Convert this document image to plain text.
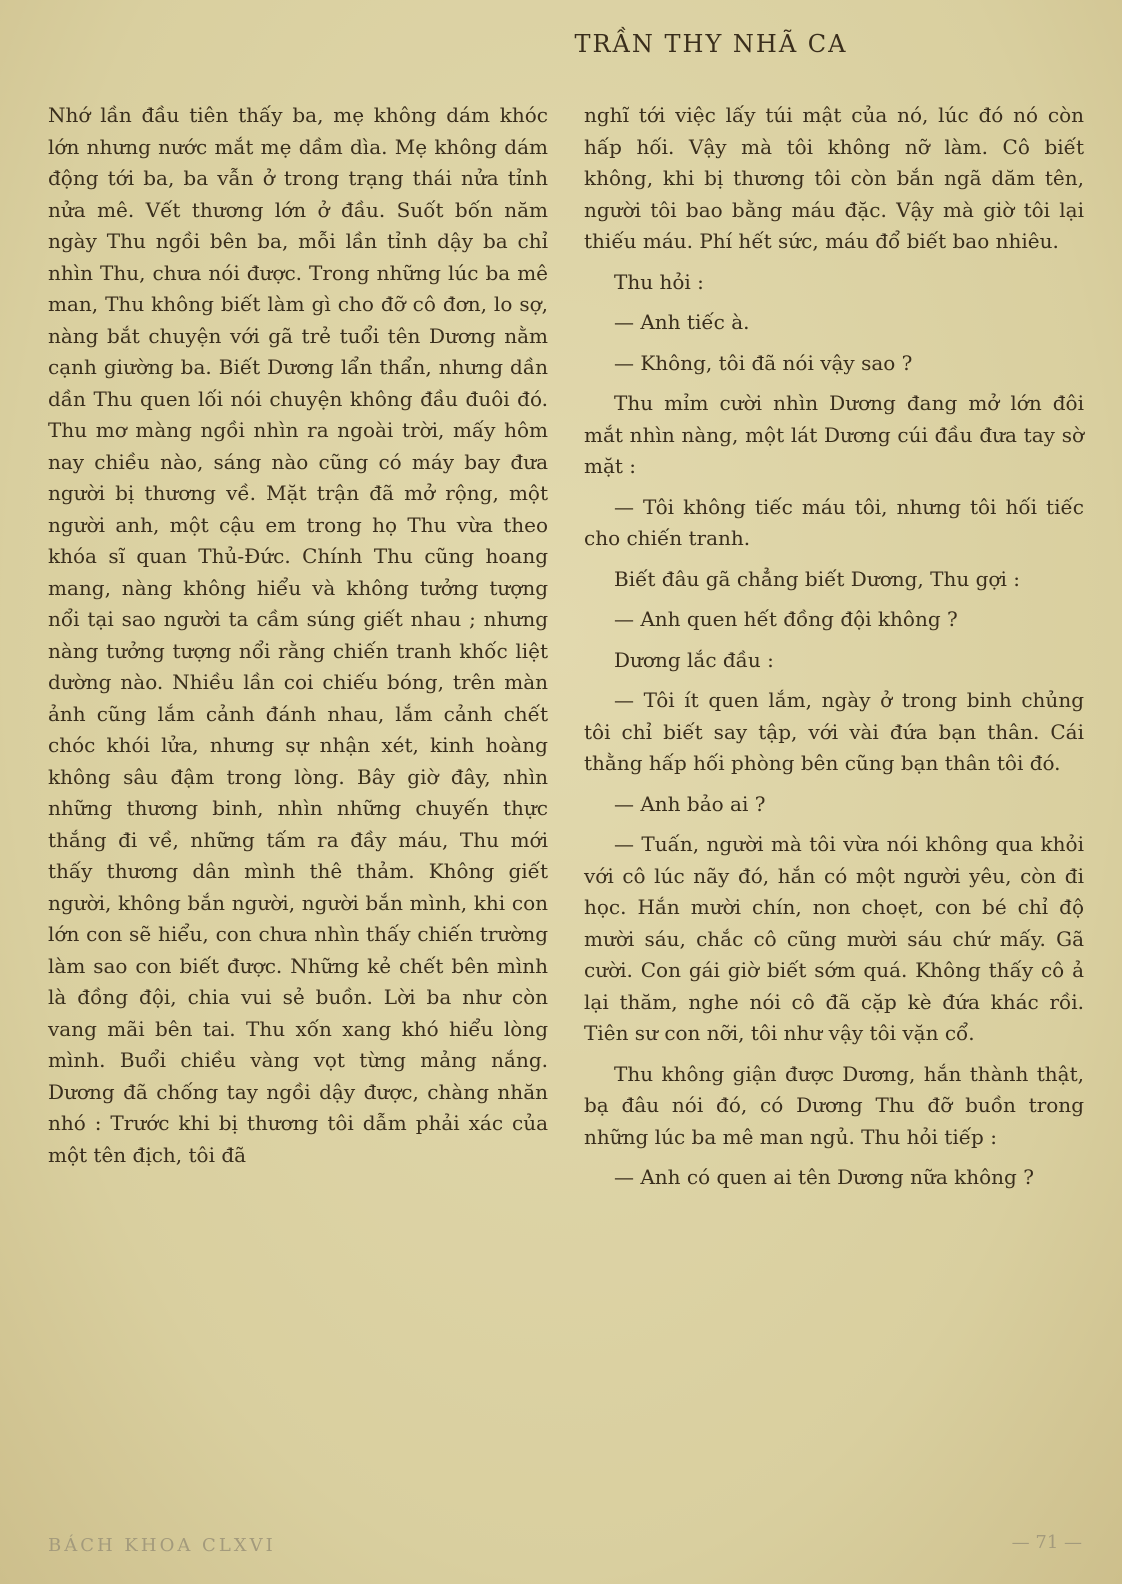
TRẦN THY NHÃ CA

Nhớ lần đầu tiên thấy ba, mẹ không dám khóc lớn nhưng nước mắt mẹ dầm dìa. Mẹ không dám động tới ba, ba vẫn ở trong trạng thái nửa tỉnh nửa mê. Vết thương lớn ở đầu. Suốt bốn năm ngày Thu ngồi bên ba, mỗi lần tỉnh dậy ba chỉ nhìn Thu, chưa nói được. Trong những lúc ba mê man, Thu không biết làm gì cho đỡ cô đơn, lo sợ, nàng bắt chuyện với gã trẻ tuổi tên Dương nằm cạnh giường ba. Biết Dương lẩn thẩn, nhưng dần dần Thu quen lối nói chuyện không đầu đuôi đó. Thu mơ màng ngồi nhìn ra ngoài trời, mấy hôm nay chiều nào, sáng nào cũng có máy bay đưa người bị thương về. Mặt trận đã mở rộng, một người anh, một cậu em trong họ Thu vừa theo khóa sĩ quan Thủ-Đức. Chính Thu cũng hoang mang, nàng không hiểu và không tưởng tượng nổi tại sao người ta cầm súng giết nhau ; nhưng nàng tưởng tượng nổi rằng chiến tranh khốc liệt dường nào. Nhiều lần coi chiếu bóng, trên màn ảnh cũng lắm cảnh đánh nhau, lắm cảnh chết chóc khói lửa, nhưng sự nhận xét, kinh hoàng không sâu đậm trong lòng. Bây giờ đây, nhìn những thương binh, nhìn những chuyến thực thắng đi về, những tấm ra đầy máu, Thu mới thấy thương dân mình thê thảm. Không giết người, không bắn người, người bắn mình, khi con lớn con sẽ hiểu, con chưa nhìn thấy chiến trường làm sao con biết được. Những kẻ chết bên mình là đồng đội, chia vui sẻ buồn. Lời ba như còn vang mãi bên tai. Thu xốn xang khó hiểu lòng mình. Buổi chiều vàng vọt từng mảng nắng. Dương đã chống tay ngồi dậy được, chàng nhăn nhó : Trước khi bị thương tôi dẫm phải xác của một tên địch, tôi đã

nghĩ tới việc lấy túi mật của nó, lúc đó nó còn hấp hối. Vậy mà tôi không nỡ làm. Cô biết không, khi bị thương tôi còn bắn ngã dăm tên, người tôi bao bằng máu đặc. Vậy mà giờ tôi lại thiếu máu. Phí hết sức, máu đổ biết bao nhiêu.

Thu hỏi :

— Anh tiếc à.

— Không, tôi đã nói vậy sao ?

Thu mỉm cười nhìn Dương đang mở lớn đôi mắt nhìn nàng, một lát Dương cúi đầu đưa tay sờ mặt :

— Tôi không tiếc máu tôi, nhưng tôi hối tiếc cho chiến tranh.

Biết đâu gã chẳng biết Dương, Thu gợi :

— Anh quen hết đồng đội không ?

Dương lắc đầu :

— Tôi ít quen lắm, ngày ở trong binh chủng tôi chỉ biết say tập, với vài đứa bạn thân. Cái thằng hấp hối phòng bên cũng bạn thân tôi đó.

— Anh bảo ai ?

— Tuấn, người mà tôi vừa nói không qua khỏi với cô lúc nãy đó, hắn có một người yêu, còn đi học. Hắn mười chín, non choẹt, con bé chỉ độ mười sáu, chắc cô cũng mười sáu chứ mấy. Gã cười. Con gái giờ biết sớm quá. Không thấy cô ả lại thăm, nghe nói cô đã cặp kè đứa khác rồi. Tiên sư con nỡi, tôi như vậy tôi vặn cổ.

Thu không giận được Dương, hắn thành thật, bạ đâu nói đó, có Dương Thu đỡ buồn trong những lúc ba mê man ngủ. Thu hỏi tiếp :

— Anh có quen ai tên Dương nữa không ?

BÁCH KHOA CLXVI	— 71 —
